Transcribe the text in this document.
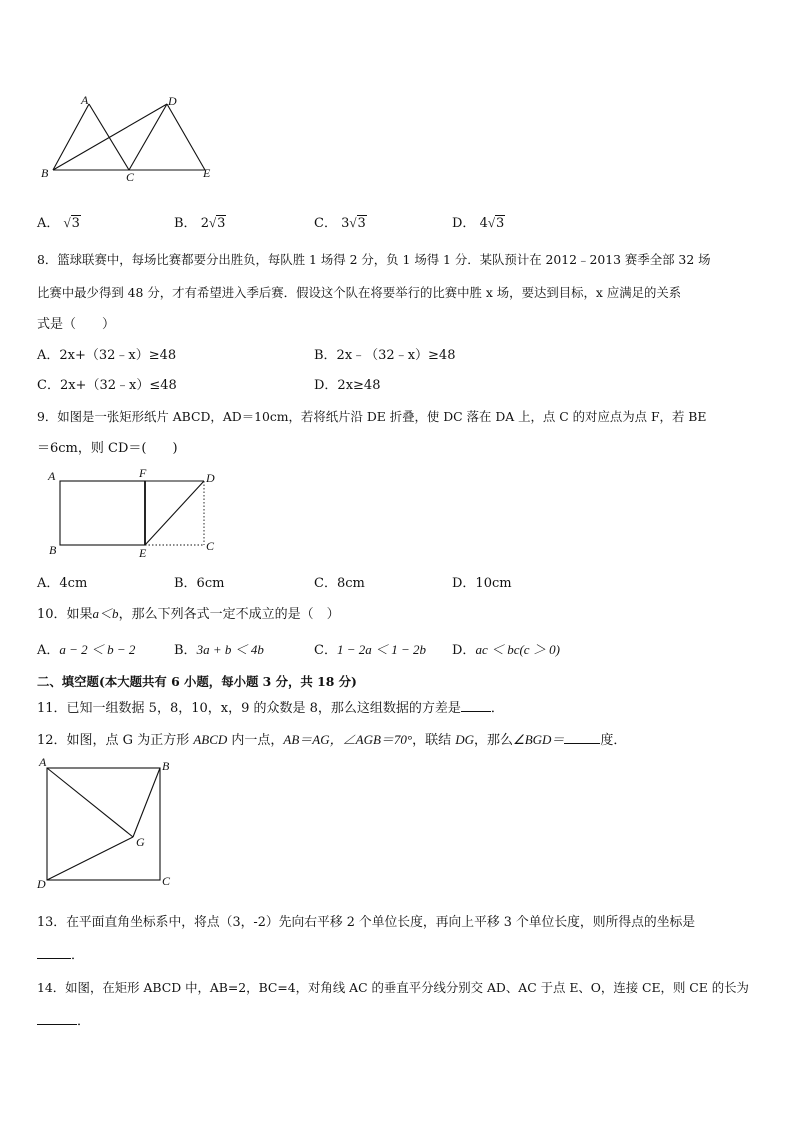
A	D
B	C	E
A． √3	B． 2√3	C． 3√3	D． 4√3
8．篮球联赛中，每场比赛都要分出胜负，每队胜 1 场得 2 分，负 1 场得 1 分．某队预计在 2012﹣2013 赛季全部 32 场
比赛中最少得到 48 分，才有希望进入季后赛．假设这个队在将要举行的比赛中胜 x 场，要达到目标，x 应满足的关系
式是（　　）
A．2x+（32﹣x）≥48	B．2x﹣（32﹣x）≥48
C．2x+（32﹣x）≤48	D．2x≥48
9．如图是一张矩形纸片 ABCD，AD＝10cm，若将纸片沿 DE 折叠，使 DC 落在 DA 上，点 C 的对应点为点 F，若 BE
＝6cm，则 CD＝(　　)
A	F	D
B	E	C
A．4cm	B．6cm	C．8cm	D．10cm
10．如果a＜b，那么下列各式一定不成立的是（　）
A．a − 2 ＜ b − 2	B．3a + b ＜ 4b	C．1 − 2a ＜ 1 − 2b D．ac ＜ bc(c ＞ 0)
二、填空题(本大题共有 6 小题，每小题 3 分，共 18 分)
11．已知一组数据 5，8，10，x，9 的众数是 8，那么这组数据的方差是 ．
12．如图，点 G 为正方形 ABCD 内一点，AB＝AG，∠AGB＝70°，联结 DG，那么∠BGD＝	度．
A	B
G
D	C
13．在平面直角坐标系中，将点（3，-2）先向右平移 2 个单位长度，再向上平移 3 个单位长度，则所得点的坐标是
．
14．如图，在矩形 ABCD 中，AB=2，BC=4，对角线 AC 的垂直平分线分别交 AD、AC 于点 E、O，连接 CE，则 CE 的长为
．
